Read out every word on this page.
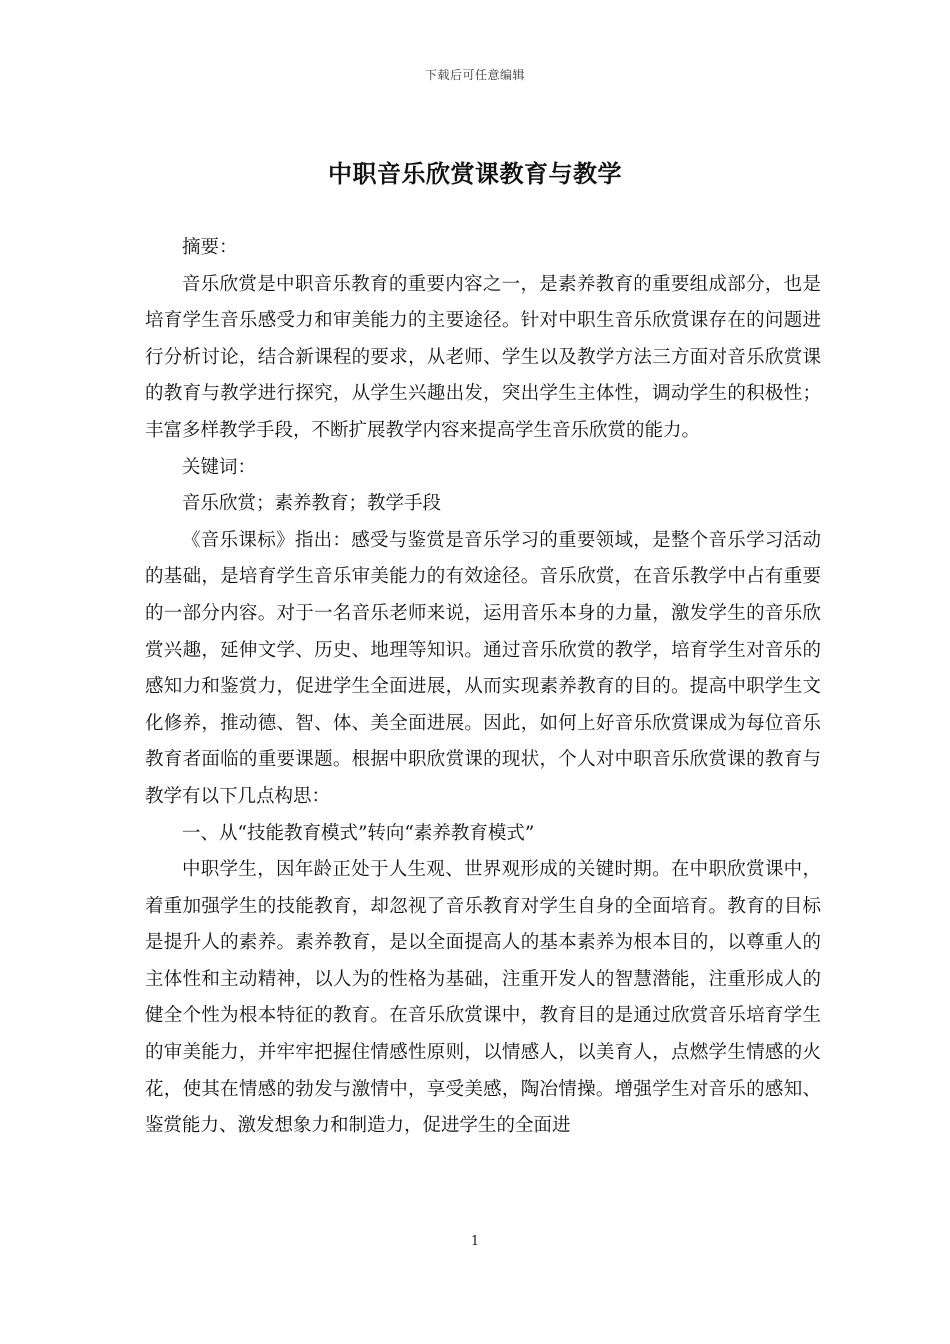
下载后可任意编辑
中职音乐欣赏课教育与教学

摘要：

音乐欣赏是中职音乐教育的重要内容之一，是素养教育的重要组成部分，也是培育学生音乐感受力和审美能力的主要途径。针对中职生音乐欣赏课存在的问题进行分析讨论，结合新课程的要求，从老师、学生以及教学方法三方面对音乐欣赏课的教育与教学进行探究，从学生兴趣出发，突出学生主体性，调动学生的积极性；丰富多样教学手段，不断扩展教学内容来提高学生音乐欣赏的能力。

关键词：

音乐欣赏；素养教育；教学手段

《音乐课标》指出：感受与鉴赏是音乐学习的重要领域，是整个音乐学习活动的基础，是培育学生音乐审美能力的有效途径。音乐欣赏，在音乐教学中占有重要的一部分内容。对于一名音乐老师来说，运用音乐本身的力量，激发学生的音乐欣赏兴趣，延伸文学、历史、地理等知识。通过音乐欣赏的教学，培育学生对音乐的感知力和鉴赏力，促进学生全面进展，从而实现素养教育的目的。提高中职学生文化修养，推动德、智、体、美全面进展。因此，如何上好音乐欣赏课成为每位音乐教育者面临的重要课题。根据中职欣赏课的现状，个人对中职音乐欣赏课的教育与教学有以下几点构思：

一、从“技能教育模式”转向“素养教育模式”

中职学生，因年龄正处于人生观、世界观形成的关键时期。在中职欣赏课中，着重加强学生的技能教育，却忽视了音乐教育对学生自身的全面培育。教育的目标是提升人的素养。素养教育，是以全面提高人的基本素养为根本目的，以尊重人的主体性和主动精神，以人为的性格为基础，注重开发人的智慧潜能，注重形成人的健全个性为根本特征的教育。在音乐欣赏课中，教育目的是通过欣赏音乐培育学生的审美能力，并牢牢把握住情感性原则，以情感人，以美育人，点燃学生情感的火花，使其在情感的勃发与激情中，享受美感，陶冶情操。增强学生对音乐的感知、鉴赏能力、激发想象力和制造力，促进学生的全面进

1
